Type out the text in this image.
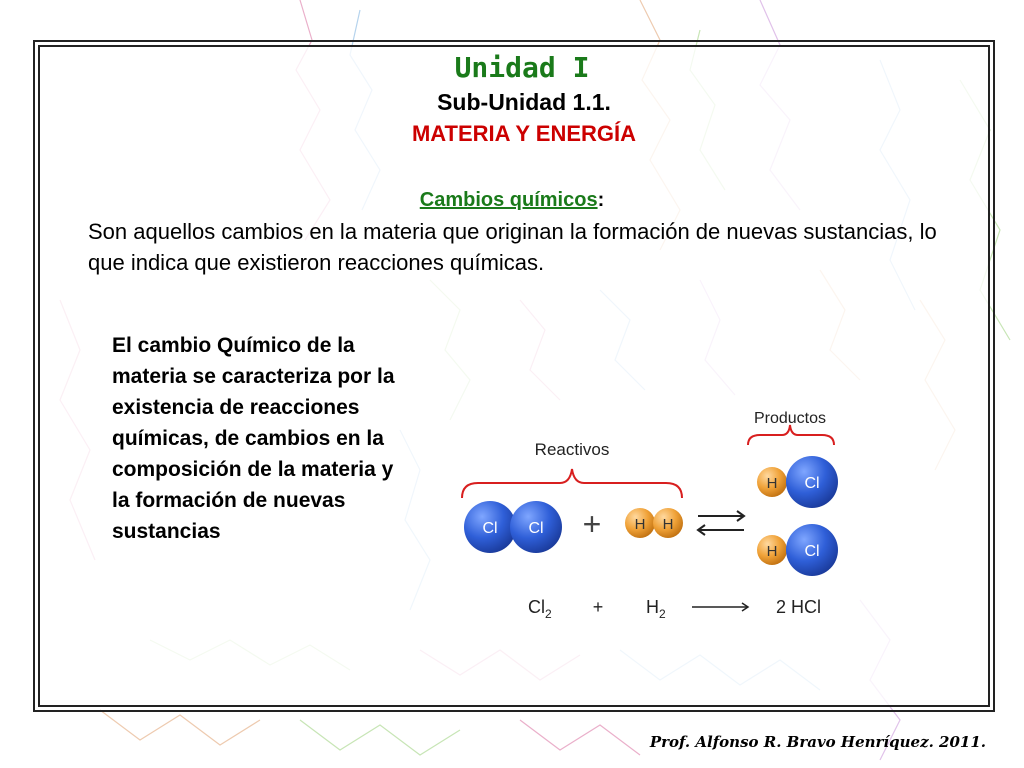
Unidad I
Sub-Unidad 1.1.
MATERIA Y ENERGÍA
Cambios químicos:
Son aquellos cambios en la materia que originan la formación de nuevas sustancias, lo que indica que existieron reacciones químicas.
El cambio Químico de la materia se caracteriza por la existencia de reacciones químicas, de cambios en la composición de la materia y la formación de nuevas sustancias
Productos
Reactivos
Cl Cl + H H
H Cl
H Cl
$Cl_2 + H_2$	2 HCl
Prof. Alfonso R. Bravo Henríquez. 2011.
